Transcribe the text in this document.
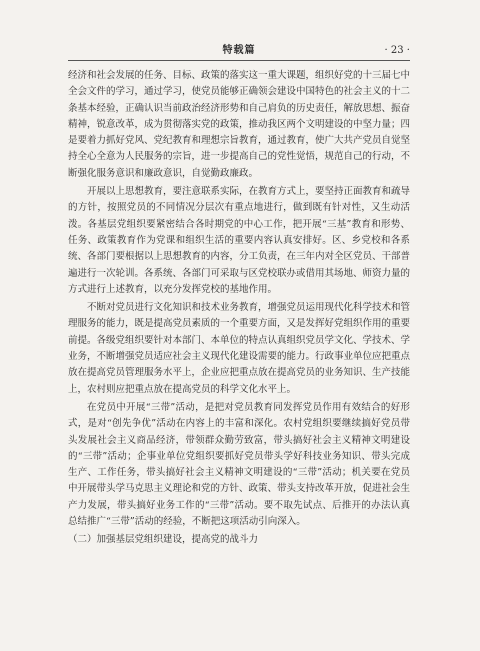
特载篇	· 23 ·

经济和社会发展的任务、目标、政策的落实这一重大课题，组织好党的十三届七中全会文件的学习，通过学习，使党员能够正确领会建设中国特色的社会主义的十二条基本经验，正确认识当前政治经济形势和自己肩负的历史责任，解放思想、振奋精神，锐意改革，成为贯彻落实党的政策，推动我区两个文明建设的中坚力量；四是要着力抓好党风、党纪教育和理想宗旨教育，通过教育，使广大共产党员自觉坚持全心全意为人民服务的宗旨，进一步提高自己的党性觉悟，规范自己的行动，不断强化服务意识和廉政意识，自觉勤政廉政。

开展以上思想教育，要注意联系实际，在教育方式上，要坚持正面教育和疏导的方针，按照党员的不同情况分层次有重点地进行，做到既有针对性，又生动活泼。各基层党组织要紧密结合各时期党的中心工作，把开展“三基”教育和形势、任务、政策教育作为党课和组织生活的重要内容认真安排好。区、乡党校和各系统、各部门要根据以上思想教育的内容，分工负责，在三年内对全区党员、干部普遍进行一次轮训。各系统、各部门可采取与区党校联办或借用其场地、师资力量的方式进行上述教育，以充分发挥党校的基地作用。

不断对党员进行文化知识和技术业务教育，增强党员运用现代化科学技术和管理服务的能力，既是提高党员素质的一个重要方面，又是发挥好党组织作用的重要前提。各级党组织要针对本部门、本单位的特点认真组织党员学文化、学技术、学业务，不断增强党员适应社会主义现代化建设需要的能力。行政事业单位应把重点放在提高党员管理服务水平上，企业应把重点放在提高党员的业务知识、生产技能上，农村则应把重点放在提高党员的科学文化水平上。

在党员中开展“三带”活动，是把对党员教育同发挥党员作用有效结合的好形式，是对“创先争优”活动在内容上的丰富和深化。农村党组织要继续搞好党员带头发展社会主义商品经济，带领群众勤劳致富，带头搞好社会主义精神文明建设的“三带”活动；企事业单位党组织要抓好党员带头学好科技业务知识、带头完成生产、工作任务，带头搞好社会主义精神文明建设的“三带”活动；机关要在党员中开展带头学马克思主义理论和党的方针、政策、带头支持改革开放，促进社会生产力发展，带头搞好业务工作的“三带”活动。要不取先试点、后推开的办法认真总结推广“三带”活动的经验，不断把这项活动引向深入。

（二）加强基层党组织建设，提高党的战斗力
